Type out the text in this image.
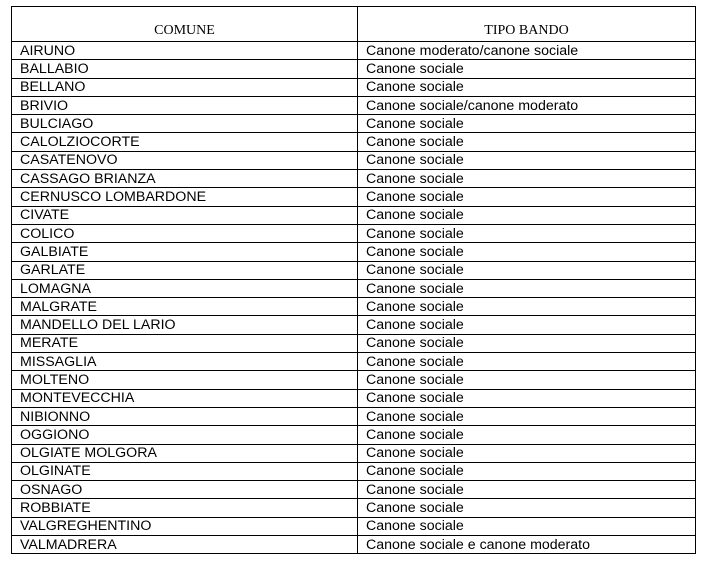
COMUNE	TIPO BANDO
AIRUNO	Canone moderato/canone sociale
BALLABIO	Canone sociale
BELLANO	Canone sociale
BRIVIO	Canone sociale/canone moderato
BULCIAGO	Canone sociale
CALOLZIOCORTE	Canone sociale
CASATENOVO	Canone sociale
CASSAGO BRIANZA	Canone sociale
CERNUSCO LOMBARDONE	Canone sociale
CIVATE	Canone sociale
COLICO	Canone sociale
GALBIATE	Canone sociale
GARLATE	Canone sociale
LOMAGNA	Canone sociale
MALGRATE	Canone sociale
MANDELLO DEL LARIO	Canone sociale
MERATE	Canone sociale
MISSAGLIA	Canone sociale
MOLTENO	Canone sociale
MONTEVECCHIA	Canone sociale
NIBIONNO	Canone sociale
OGGIONO	Canone sociale
OLGIATE MOLGORA	Canone sociale
OLGINATE	Canone sociale
OSNAGO	Canone sociale
ROBBIATE	Canone sociale
VALGREGHENTINO	Canone sociale
VALMADRERA	Canone sociale e canone moderato
